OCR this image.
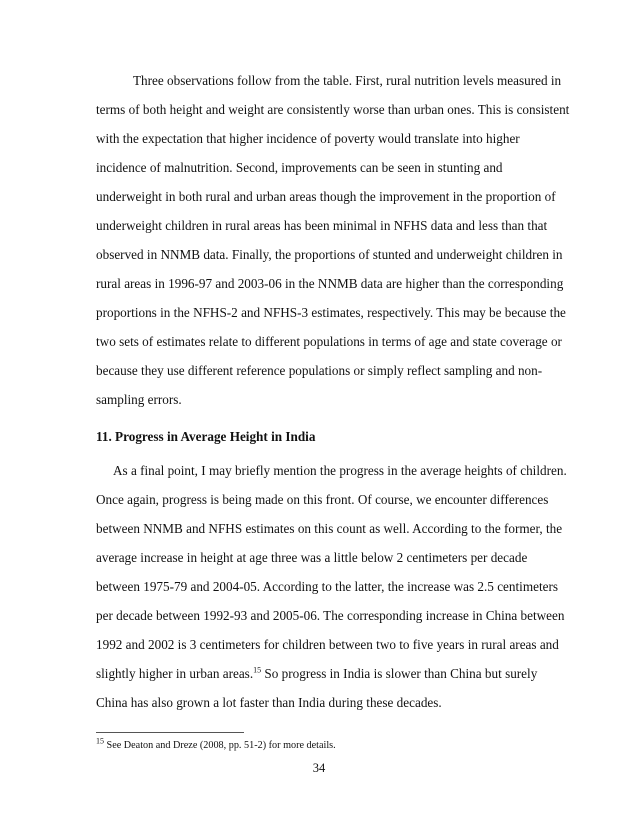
Three observations follow from the table. First, rural nutrition levels measured in
terms of both height and weight are consistently worse than urban ones. This is consistent
with the expectation that higher incidence of poverty would translate into higher
incidence of malnutrition. Second, improvements can be seen in stunting and
underweight in both rural and urban areas though the improvement in the proportion of
underweight children in rural areas has been minimal in NFHS data and less than that
observed in NNMB data. Finally, the proportions of stunted and underweight children in
rural areas in 1996-97 and 2003-06 in the NNMB data are higher than the corresponding
proportions in the NFHS-2 and NFHS-3 estimates, respectively. This may be because the
two sets of estimates relate to different populations in terms of age and state coverage or
because they use different reference populations or simply reflect sampling and non-
sampling errors.
11. Progress in Average Height in India
As a final point, I may briefly mention the progress in the average heights of children.
Once again, progress is being made on this front. Of course, we encounter differences
between NNMB and NFHS estimates on this count as well. According to the former, the
average increase in height at age three was a little below 2 centimeters per decade
between 1975-79 and 2004-05. According to the latter, the increase was 2.5 centimeters
per decade between 1992-93 and 2005-06. The corresponding increase in China between
1992 and 2002 is 3 centimeters for children between two to five years in rural areas and
slightly higher in urban areas.$^{15}$ So progress in India is slower than China but surely
China has also grown a lot faster than India during these decades.
$^{15}$ See Deaton and Dreze (2008, pp. 51-2) for more details.
34
